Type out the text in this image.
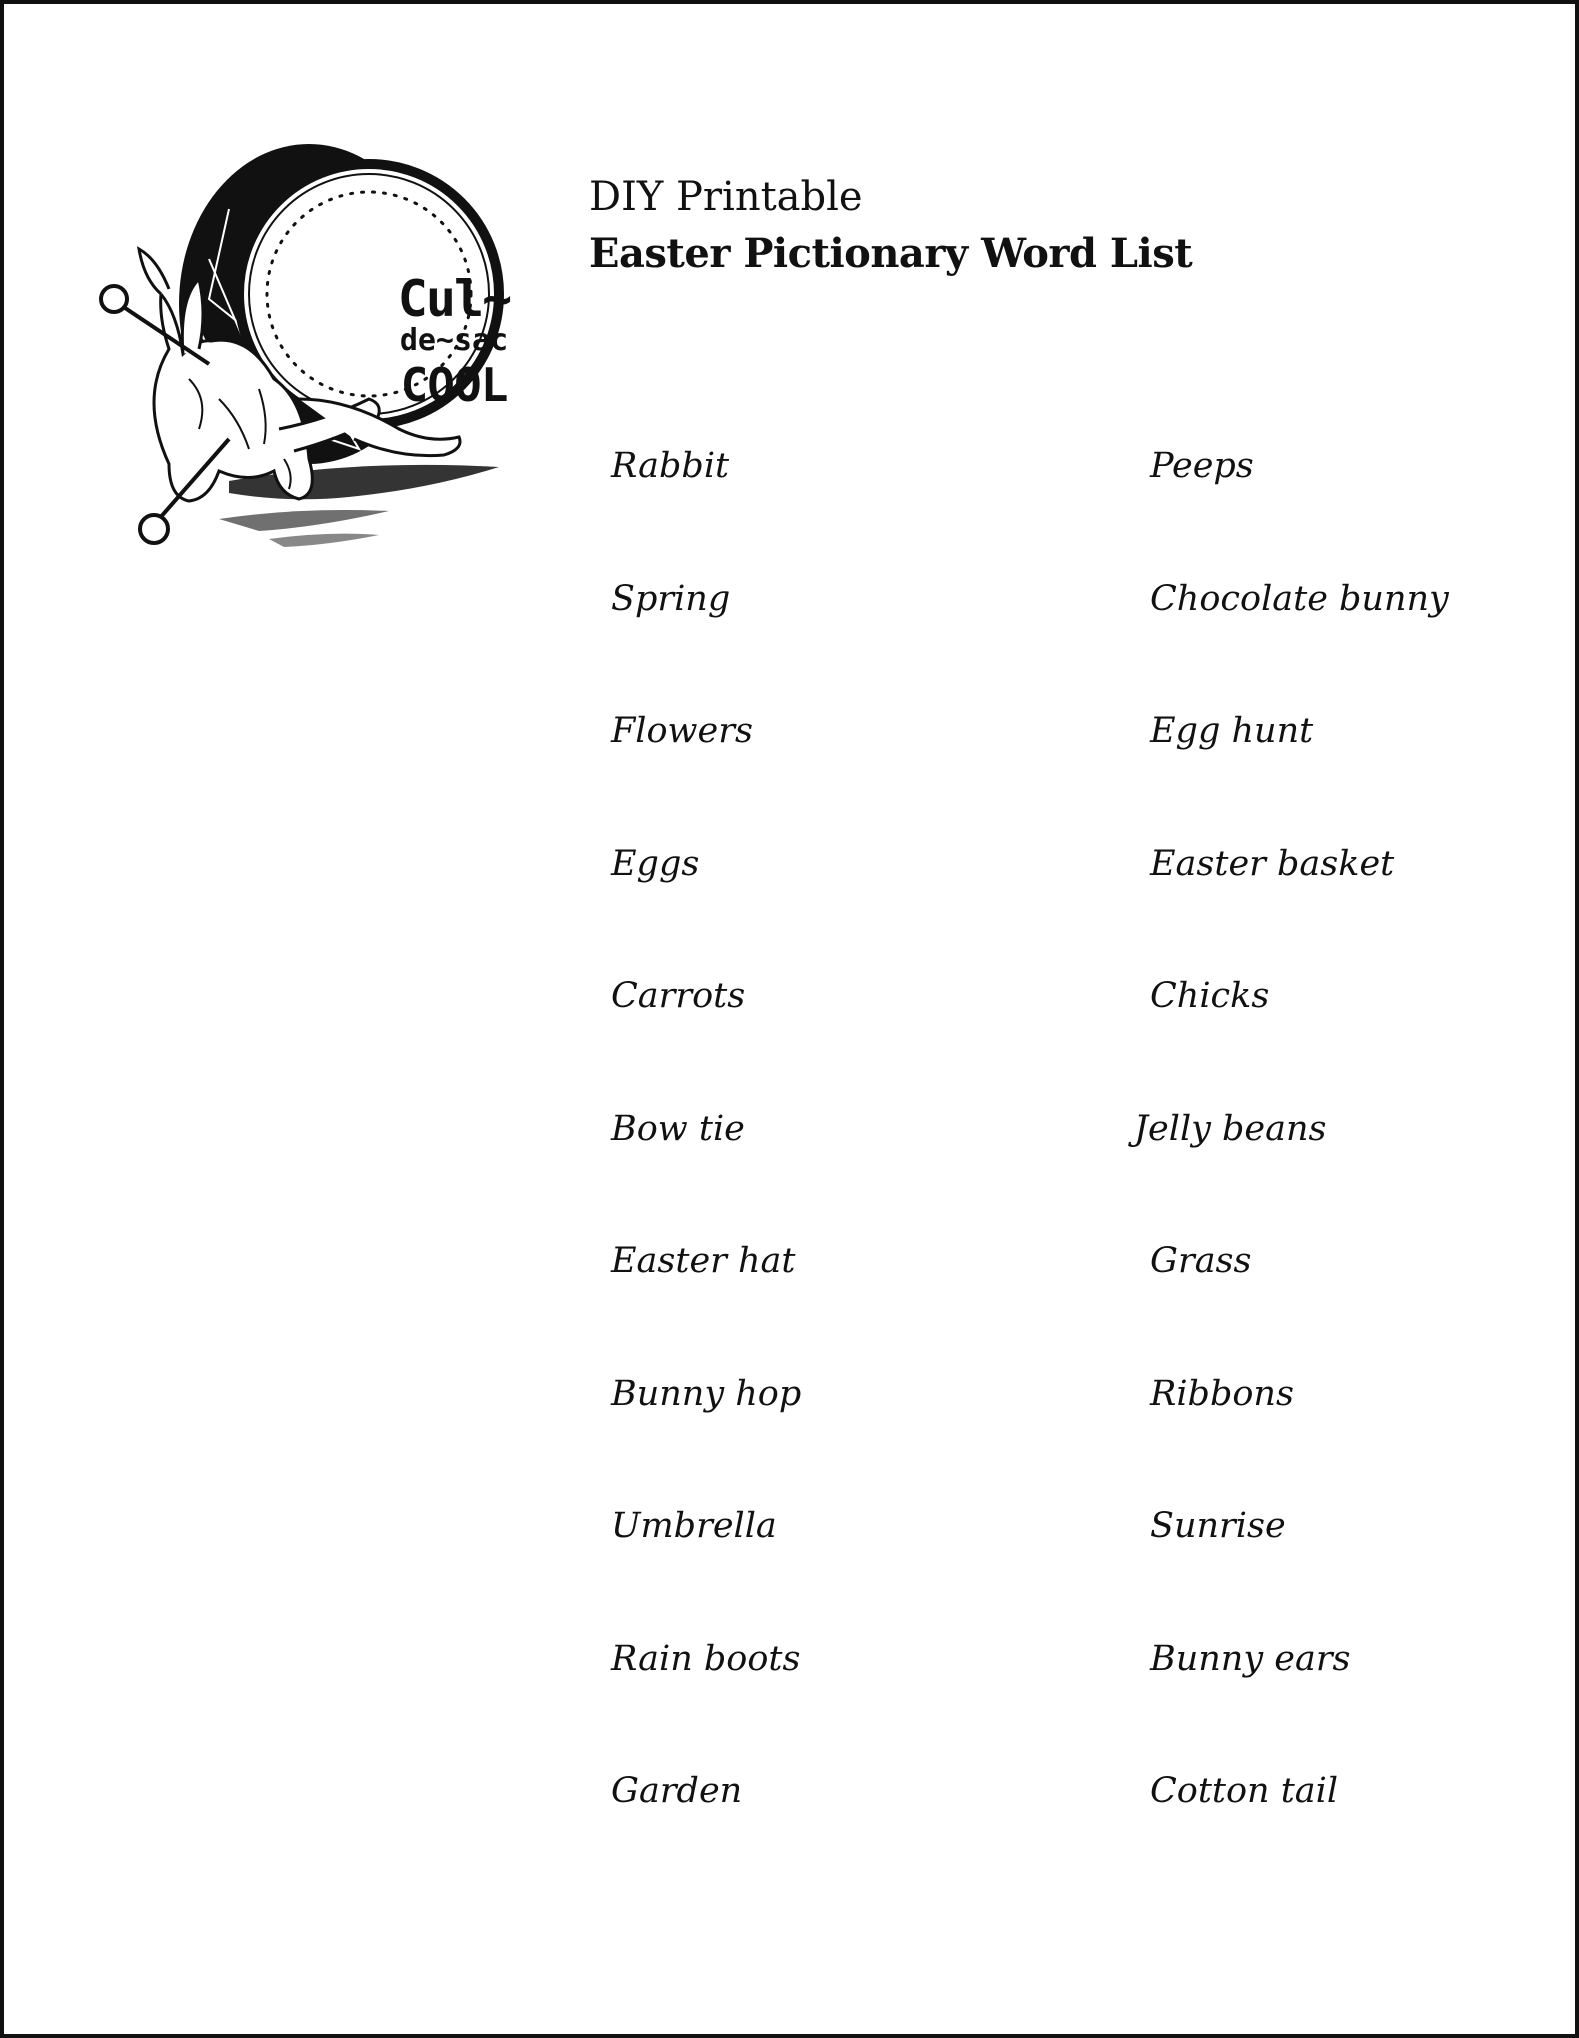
Cul~
de~sac
COOL
DIY Printable
Easter Pictionary Word List
Rabbit
Spring
Flowers
Eggs
Carrots
Bow tie
Easter hat
Bunny hop
Umbrella
Rain boots
Garden
Peeps
Chocolate bunny
Egg hunt
Easter basket
Chicks
Jelly beans
Grass
Ribbons
Sunrise
Bunny ears
Cotton tail
